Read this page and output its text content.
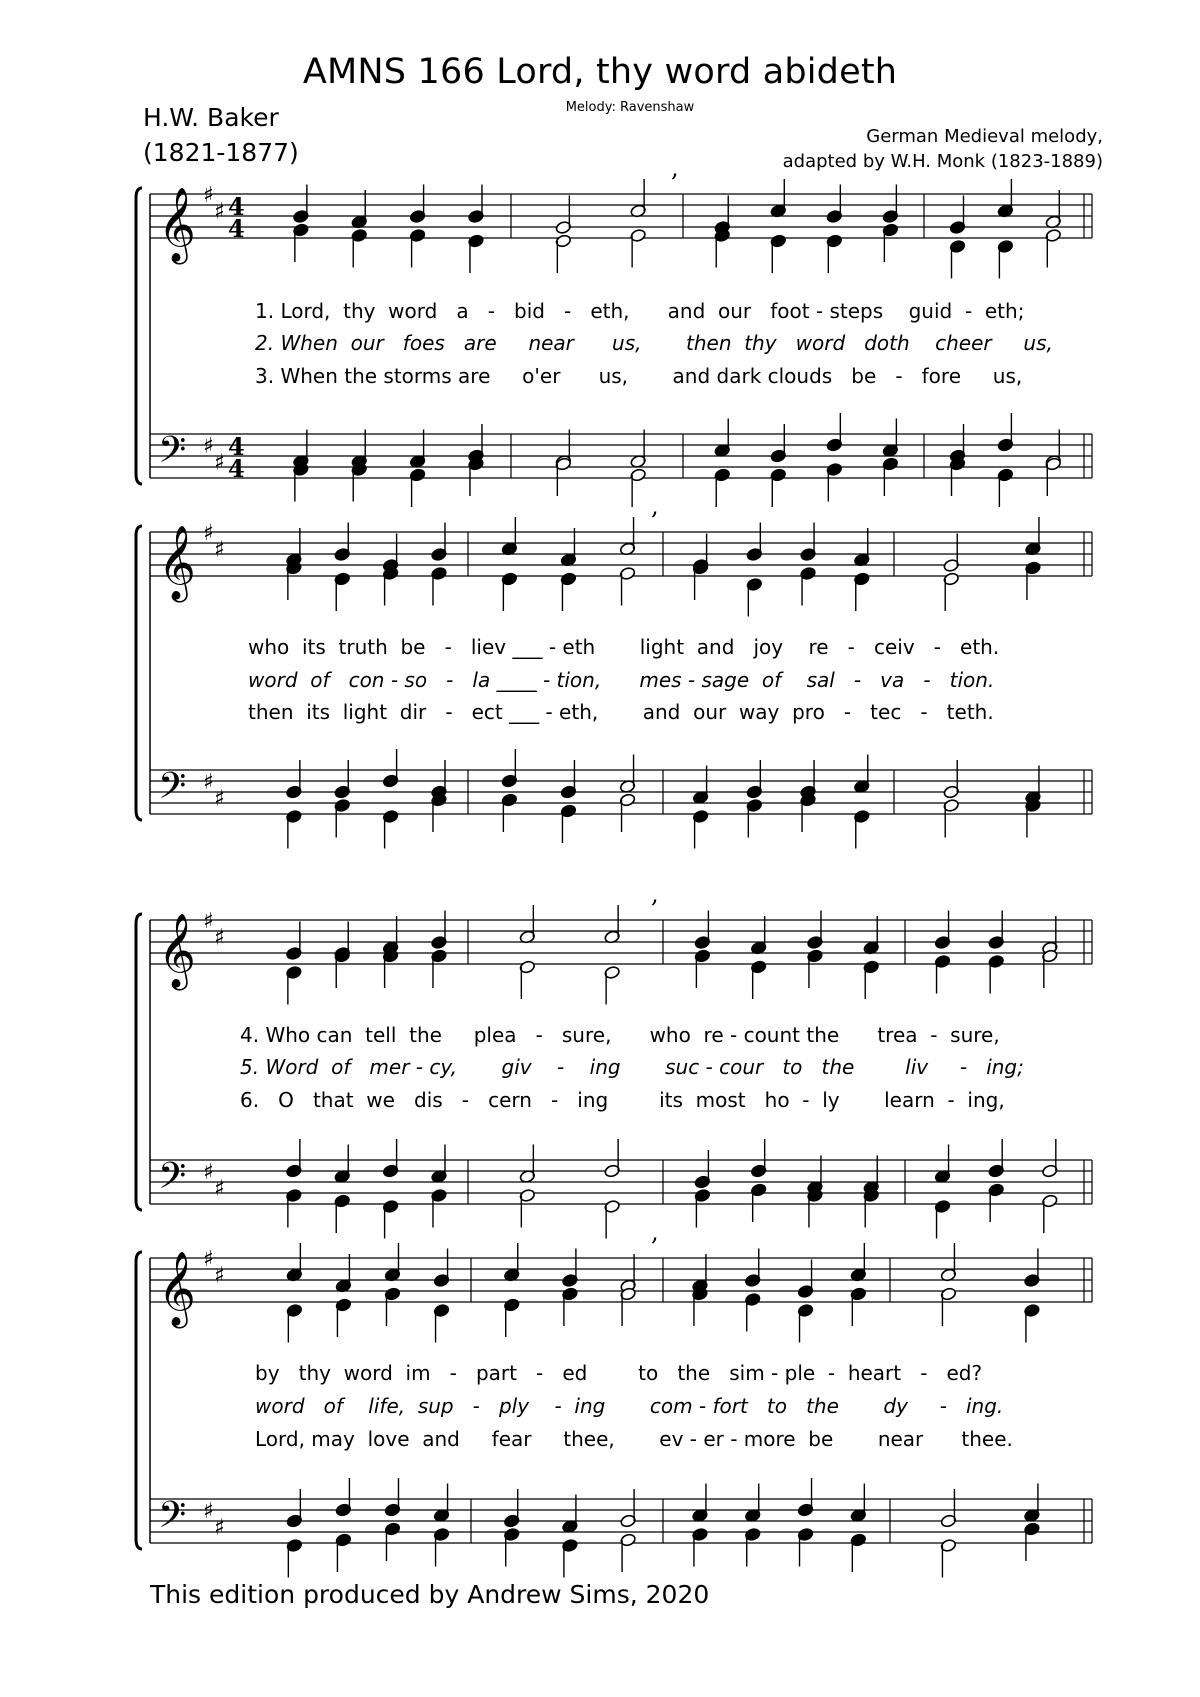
AMNS 166 Lord, thy word abideth
Melody: Ravenshaw
H.W. Baker
(1821-1877)
German Medieval melody,
adapted by W.H. Monk (1823-1889)
𝄞 ♯
♯ 4
4
𝄢 ♯
♯
4
4
,
1. Lord,  thy  word   a   -   bid   -   eth,      and  our   foot - steps    guid  -  eth;
2. When  our   foes   are     near      us,       then  thy   word   doth    cheer     us,
3. When the storms are     o'er      us,       and dark clouds   be   -   fore     us,
𝄞 ♯
♯
𝄢 ♯
♯
,
who  its  truth  be   -   liev ___ - eth       light  and   joy    re   -   ceiv   -   eth.
word  of   con - so   -   la ____ - tion,      mes - sage  of    sal   -   va   -   tion.
then  its  light  dir   -   ect ___ - eth,       and  our  way  pro   -   tec   -   teth.
𝄞 ♯
♯
𝄢 ♯
♯
,
4. Who can  tell  the     plea   -   sure,      who  re - count the      trea  -  sure,
5. Word  of   mer - cy,       giv    -    ing       suc - cour   to   the        liv     -   ing;
6.   O   that  we   dis   -   cern   -   ing        its  most   ho  -  ly       learn  -  ing,
𝄞 ♯
♯
𝄢 ♯
♯
,
by   thy  word  im   -   part   -   ed        to   the   sim - ple  -  heart   -   ed?
word   of    life,  sup   -   ply    -  ing       com - fort   to   the       dy     -   ing.
Lord, may  love  and     fear     thee,       ev - er - more  be       near      thee.
This edition produced by Andrew Sims, 2020
